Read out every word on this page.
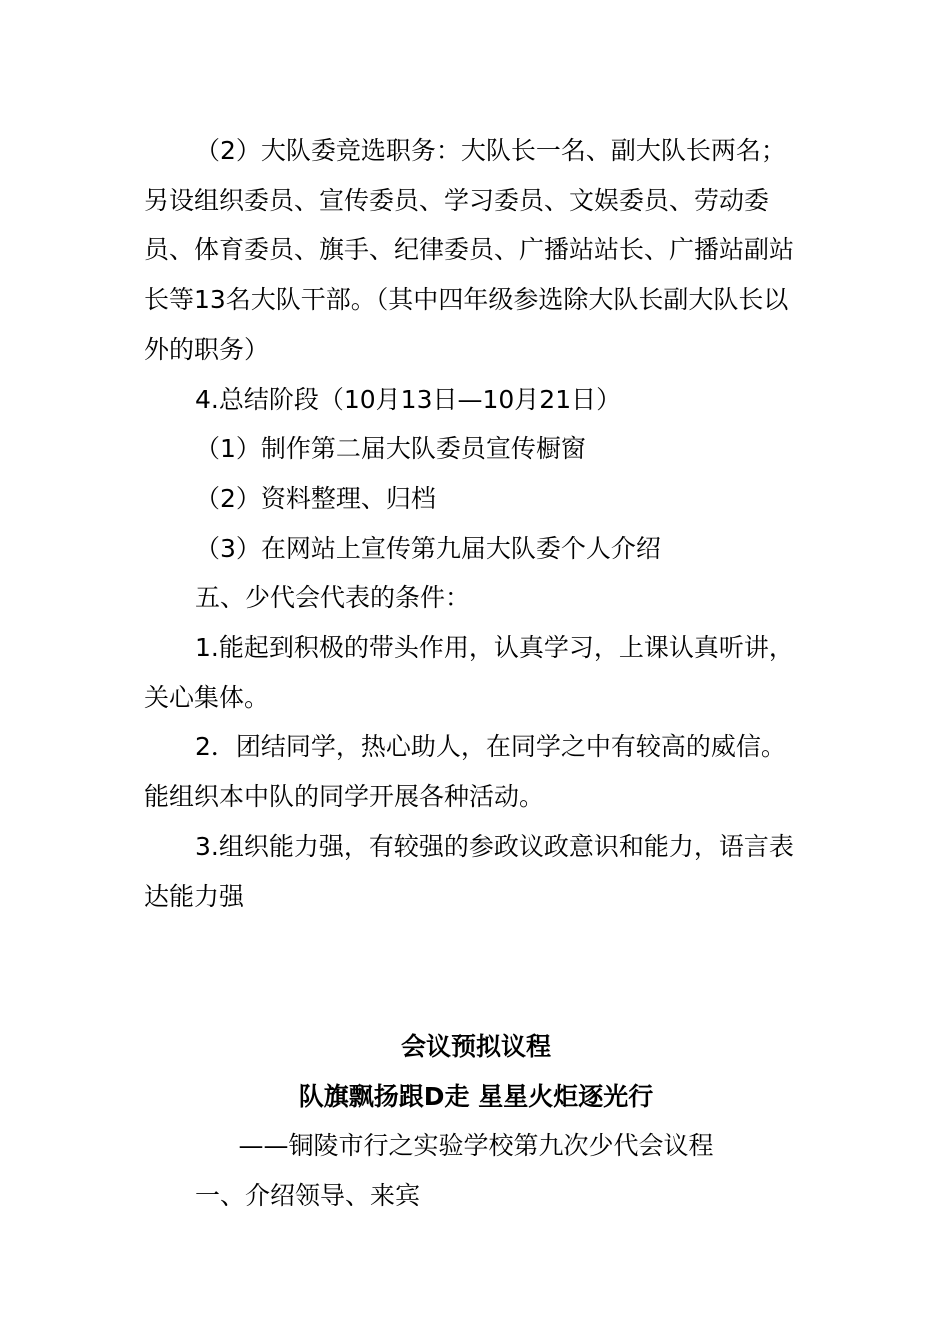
（2）大队委竞选职务：大队长一名、副大队长两名；另设组织委员、宣传委员、学习委员、文娱委员、劳动委员、体育委员、旗手、纪律委员、广播站站长、广播站副站长等13名大队干部。（其中四年级参选除大队长副大队长以外的职务）

4.总结阶段（10月13日—10月21日）

（1）制作第二届大队委员宣传橱窗

（2）资料整理、归档

（3）在网站上宣传第九届大队委个人介绍

五、少代会代表的条件：

1.能起到积极的带头作用，认真学习，上课认真听讲，关心集体。

2．团结同学，热心助人，在同学之中有较高的威信。能组织本中队的同学开展各种活动。

3.组织能力强，有较强的参政议政意识和能力，语言表达能力强

会议预拟议程

队旗飘扬跟D走 星星火炬逐光行

——铜陵市行之实验学校第九次少代会议程

一、介绍领导、来宾
